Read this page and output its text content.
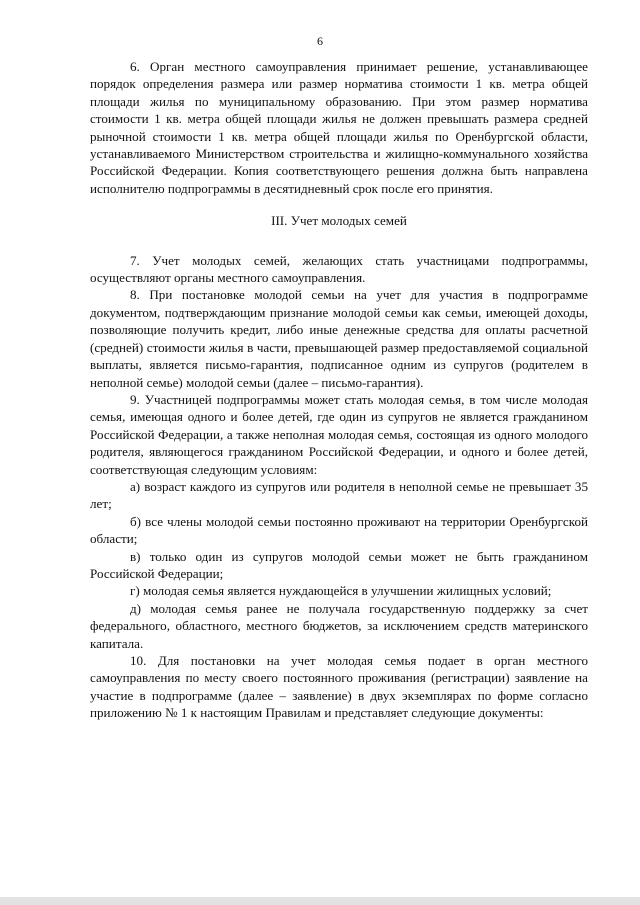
6

6. Орган местного самоуправления принимает решение, устанавливающее порядок определения размера или размер норматива стоимости 1 кв. метра общей площади жилья по муниципальному образованию. При этом размер норматива стоимости 1 кв. метра общей площади жилья не должен превышать размера средней рыночной стоимости 1 кв. метра общей площади жилья по Оренбургской области, устанавливаемого Министерством строительства и жилищно-коммунального хозяйства Российской Федерации. Копия соответствующего решения должна быть направлена исполнителю подпрограммы в десятидневный срок после его принятия.

III. Учет молодых семей

7. Учет молодых семей, желающих стать участницами подпрограммы, осуществляют органы местного самоуправления.

8. При постановке молодой семьи на учет для участия в подпрограмме документом, подтверждающим признание молодой семьи как семьи, имеющей доходы, позволяющие получить кредит, либо иные денежные средства для оплаты расчетной (средней) стоимости жилья в части, превышающей размер предоставляемой социальной выплаты, является письмо-гарантия, подписанное одним из супругов (родителем в неполной семье) молодой семьи (далее – письмо-гарантия).

9. Участницей подпрограммы может стать молодая семья, в том числе молодая семья, имеющая одного и более детей, где один из супругов не является гражданином Российской Федерации, а также неполная молодая семья, состоящая из одного молодого родителя, являющегося гражданином Российской Федерации, и одного и более детей, соответствующая следующим условиям:

а) возраст каждого из супругов или родителя в неполной семье не превышает 35 лет;

б) все члены молодой семьи постоянно проживают на территории Оренбургской области;

в) только один из супругов молодой семьи может не быть гражданином Российской Федерации;

г) молодая семья является нуждающейся в улучшении жилищных условий;

д) молодая семья ранее не получала государственную поддержку за счет федерального, областного, местного бюджетов, за исключением средств материнского капитала.

10. Для постановки на учет молодая семья подает в орган местного самоуправления по месту своего постоянного проживания (регистрации) заявление на участие в подпрограмме (далее – заявление) в двух экземплярах по форме согласно приложению № 1 к настоящим Правилам и представляет следующие документы:
